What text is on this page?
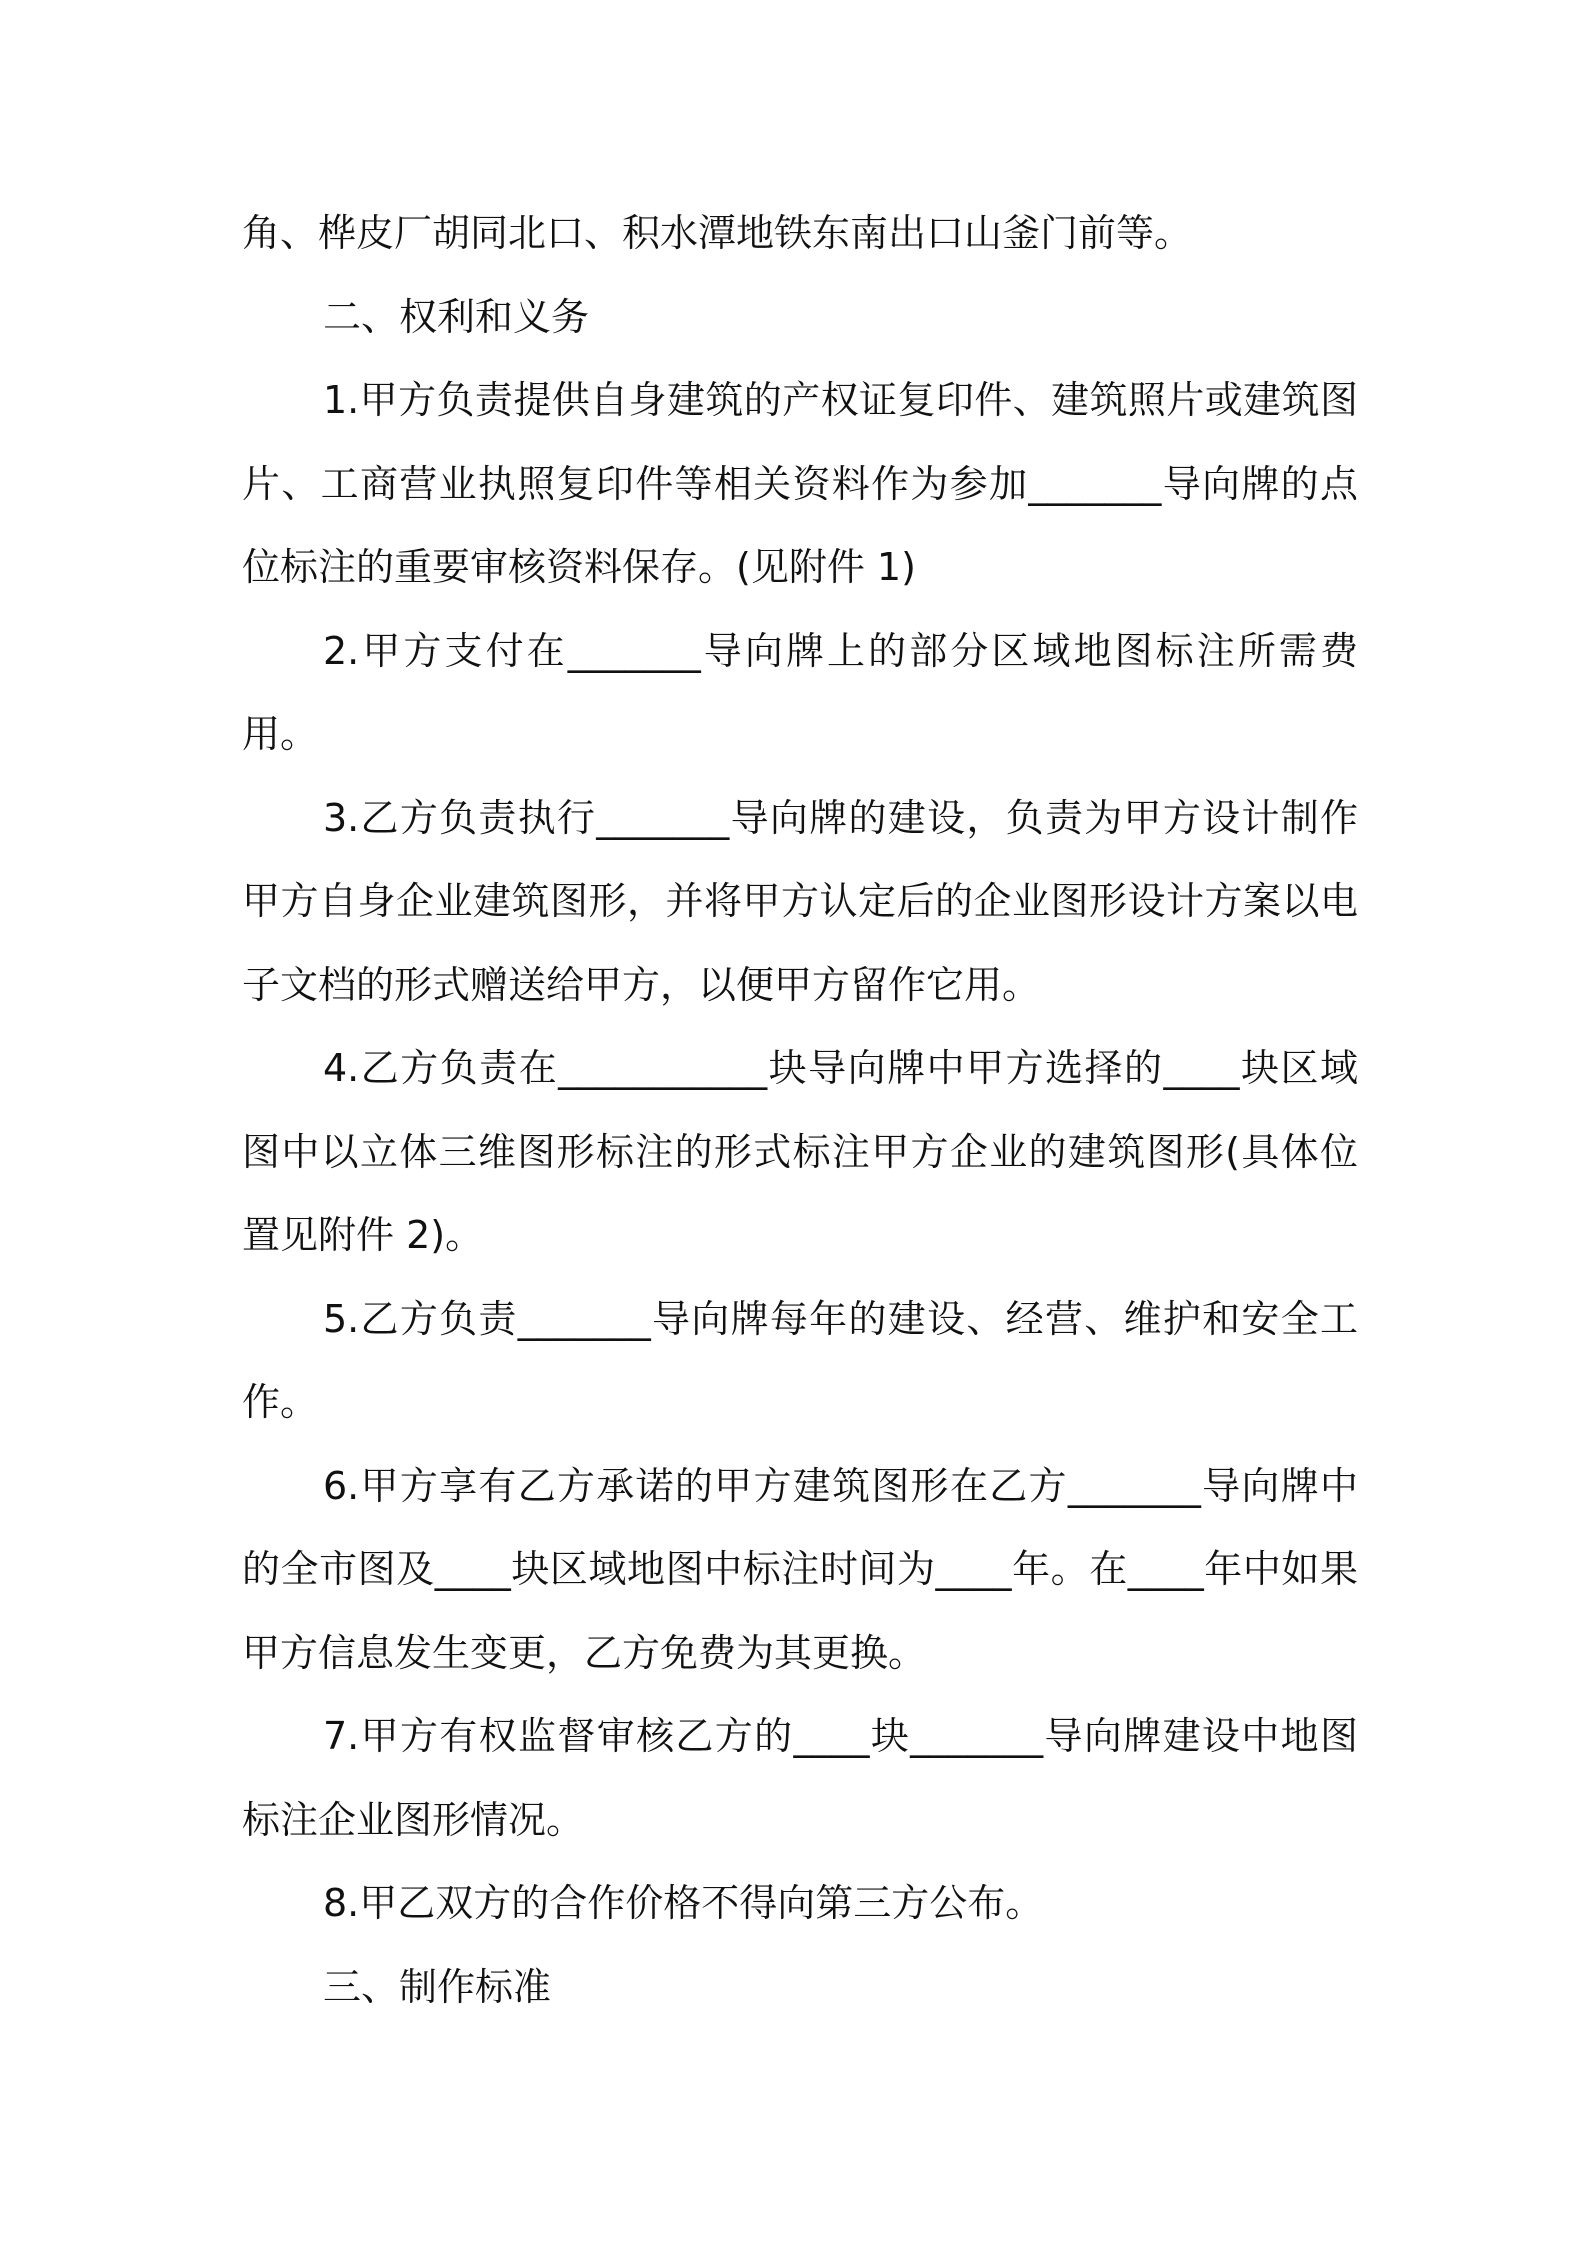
角、桦皮厂胡同北口、积水潭地铁东南出口山釜门前等。

二、权利和义务

1.甲方负责提供自身建筑的产权证复印件、建筑照片或建筑图片、工商营业执照复印件等相关资料作为参加_______导向牌的点位标注的重要审核资料保存。(见附件 1)

2.甲方支付在_______导向牌上的部分区域地图标注所需费用。

3.乙方负责执行_______导向牌的建设，负责为甲方设计制作甲方自身企业建筑图形，并将甲方认定后的企业图形设计方案以电子文档的形式赠送给甲方，以便甲方留作它用。

4.乙方负责在___________块导向牌中甲方选择的____块区域图中以立体三维图形标注的形式标注甲方企业的建筑图形(具体位置见附件 2)。

5.乙方负责_______导向牌每年的建设、经营、维护和安全工作。

6.甲方享有乙方承诺的甲方建筑图形在乙方_______导向牌中的全市图及____块区域地图中标注时间为____年。在____年中如果甲方信息发生变更，乙方免费为其更换。

7.甲方有权监督审核乙方的____块_______导向牌建设中地图标注企业图形情况。

8.甲乙双方的合作价格不得向第三方公布。

三、制作标准
